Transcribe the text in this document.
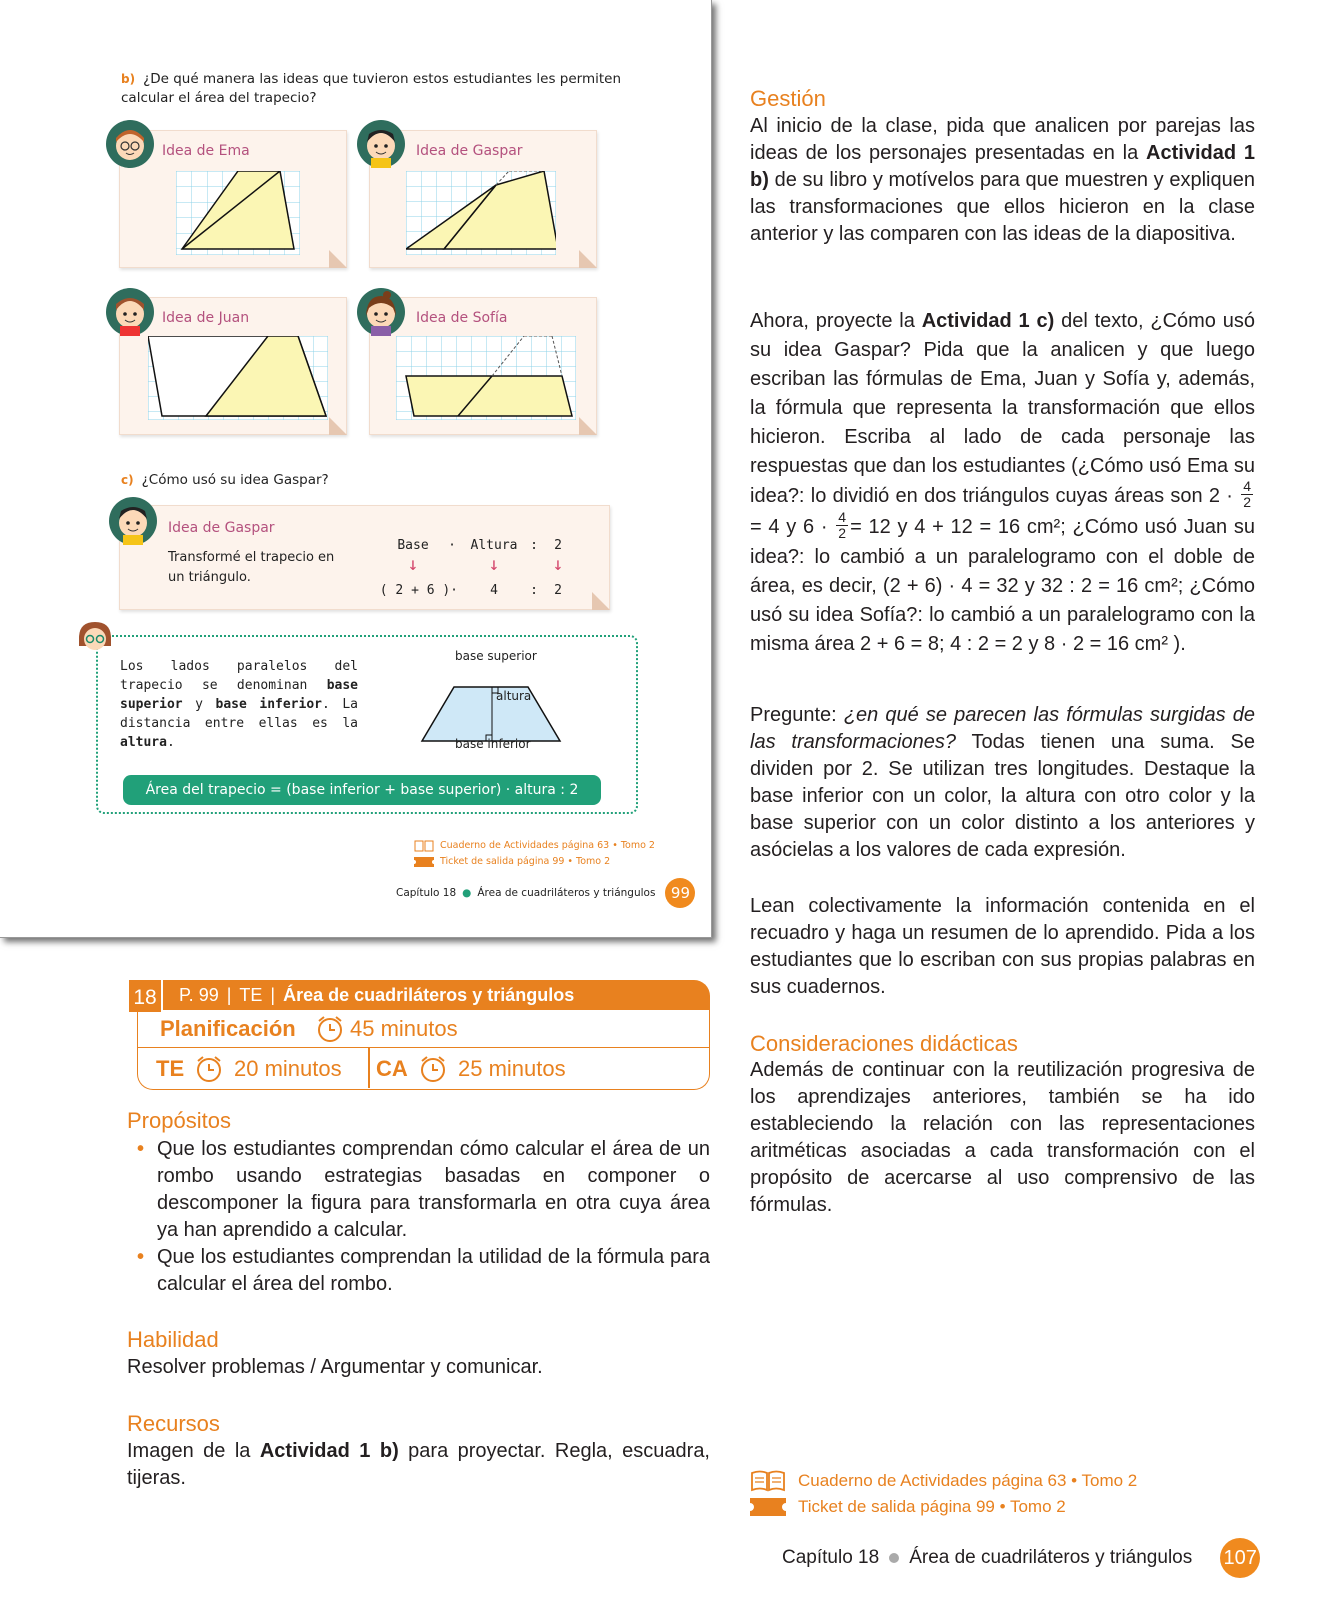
b) ¿De qué manera las ideas que tuvieron estos estudiantes les permiten calcular el área del trapecio?
Idea de Ema	Idea de Gaspar
Idea de Juan	Idea de Sofía
c) ¿Cómo usó su idea Gaspar?
Idea de Gaspar
Transformé el trapecio en un triángulo.
Base	·	Altura :	2
↓	↓	↓
( 2 + 6 ) ·	4	:	2
Los lados paralelos del trapecio se denominan base superior y base inferior. La distancia entre ellas es la altura.
base superior
altura
base inferior
Área del trapecio = (base inferior + base superior) · altura : 2
Cuaderno de Actividades página 63 • Tomo 2
Ticket de salida página 99 • Tomo 2
Capítulo 18 ● Área de cuadriláteros y triángulos	99
18	P. 99 | TE | Área de cuadriláteros y triángulos
Planificación 45 minutos
TE 20 minutos CA 25 minutos
Propósitos
• Que los estudiantes comprendan cómo calcular el área de un rombo usando estrategias basadas en componer o descomponer la figura para transformarla en otra cuya área ya han aprendido a calcular.
• Que los estudiantes comprendan la utilidad de la fórmula para calcular el área del rombo.
Habilidad
Resolver problemas / Argumentar y comunicar.
Recursos
Imagen de la Actividad 1 b) para proyectar. Regla, escuadra, tijeras.
Gestión
Al inicio de la clase, pida que analicen por parejas las ideas de los personajes presentadas en la Actividad 1 b) de su libro y motívelos para que muestren y expliquen las transformaciones que ellos hicieron en la clase anterior y las comparen con las ideas de la diapositiva.
Ahora, proyecte la Actividad 1 c) del texto, ¿Cómo usó su idea Gaspar? Pida que la analicen y que luego escriban las fórmulas de Ema, Juan y Sofía y, además, la fórmula que representa la transformación que ellos hicieron. Escriba al lado de cada personaje las respuestas que dan los estudiantes (¿Cómo usó Ema su idea?: lo dividió en dos triángulos cuyas áreas son $2 \cdot \frac{4}{2}$
= 4 y $6 \cdot \frac{4}{2} = 12$ y 4 + 12 = 16 cm²; ¿Cómo usó Juan su idea?: lo cambió a un paralelogramo con el doble de área, es decir, (2 + 6) · 4 = 32 y 32 : 2 = 16 cm²; ¿Cómo usó su idea Sofía?: lo cambió a un paralelogramo con la misma área 2 + 6 = 8; 4 : 2 = 2 y 8 · 2 = 16 cm² ).
Pregunte: ¿en qué se parecen las fórmulas surgidas de las transformaciones? Todas tienen una suma. Se dividen por 2. Se utilizan tres longitudes. Destaque la base inferior con un color, la altura con otro color y la base superior con un color distinto a los anteriores y asócielas a los valores de cada expresión.
Lean colectivamente la información contenida en el recuadro y haga un resumen de lo aprendido. Pida a los estudiantes que lo escriban con sus propias palabras en sus cuadernos.
Consideraciones didácticas
Además de continuar con la reutilización progresiva de los aprendizajes anteriores, también se ha ido estableciendo la relación con las representaciones aritméticas asociadas a cada transformación con el propósito de acercarse al uso comprensivo de las fórmulas.
Cuaderno de Actividades página 63 • Tomo 2
Ticket de salida página 99 • Tomo 2
Capítulo 18 Área de cuadriláteros y triángulos 107
